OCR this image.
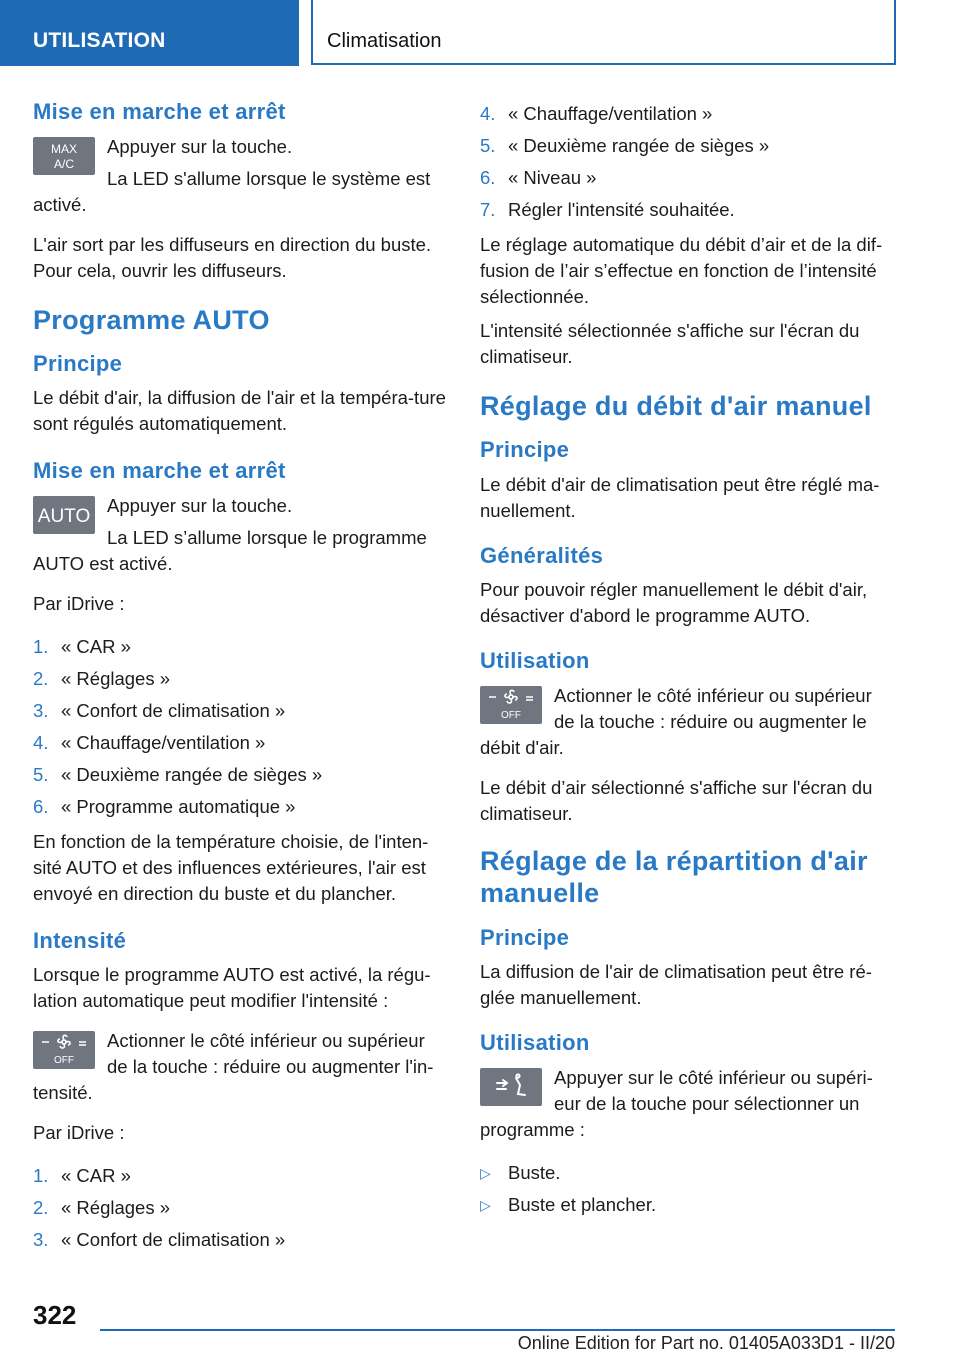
UTILISATION	Climatisation
Mise en marche et arrêt
MAX
A/C

Appuyer sur la touche.

La LED s'allume lorsque le système est activé.

L'air sort par les diffuseurs en direction du buste. Pour cela, ouvrir les diffuseurs.

Programme AUTO
Principe

Le débit d'air, la diffusion de l'air et la tempéra-ture sont régulés automatiquement.

Mise en marche et arrêt
AUTO

Appuyer sur la touche.

La LED s’allume lorsque le programme AUTO est activé.

Par iDrive :

1. « CAR »
2. « Réglages »
3. « Confort de climatisation »
4. « Chauffage/ventilation »
5. « Deuxième rangée de sièges »
6. « Programme automatique »

En fonction de la température choisie, de l'inten-sité AUTO et des influences extérieures, l'air est envoyé en direction du buste et du plancher.

Intensité

Lorsque le programme AUTO est activé, la régu-lation automatique peut modifier l'intensité :

OFF

Actionner le côté inférieur ou supérieur de la touche : réduire ou augmenter l'in-tensité.

Par iDrive :

1. « CAR »
2. « Réglages »
3. « Confort de climatisation »
4. « Chauffage/ventilation »
5. « Deuxième rangée de sièges »
6. « Niveau »
7. Régler l'intensité souhaitée.

Le réglage automatique du débit d’air et de la dif-fusion de l’air s’effectue en fonction de l’intensité sélectionnée.

L'intensité sélectionnée s'affiche sur l'écran du climatiseur.

Réglage du débit d'air manuel
Principe

Le débit d'air de climatisation peut être réglé ma-nuellement.

Généralités

Pour pouvoir régler manuellement le débit d'air, désactiver d'abord le programme AUTO.

Utilisation
OFF

Actionner le côté inférieur ou supérieur de la touche : réduire ou augmenter le débit d'air.

Le débit d’air sélectionné s'affiche sur l'écran du climatiseur.

Réglage de la répartition d'air manuelle
Principe

La diffusion de l'air de climatisation peut être ré-glée manuellement.

Utilisation

Appuyer sur le côté inférieur ou supéri-eur de la touche pour sélectionner un programme :

▷ Buste.
▷ Buste et plancher.
322
Online Edition for Part no. 01405A033D1 - II/20
